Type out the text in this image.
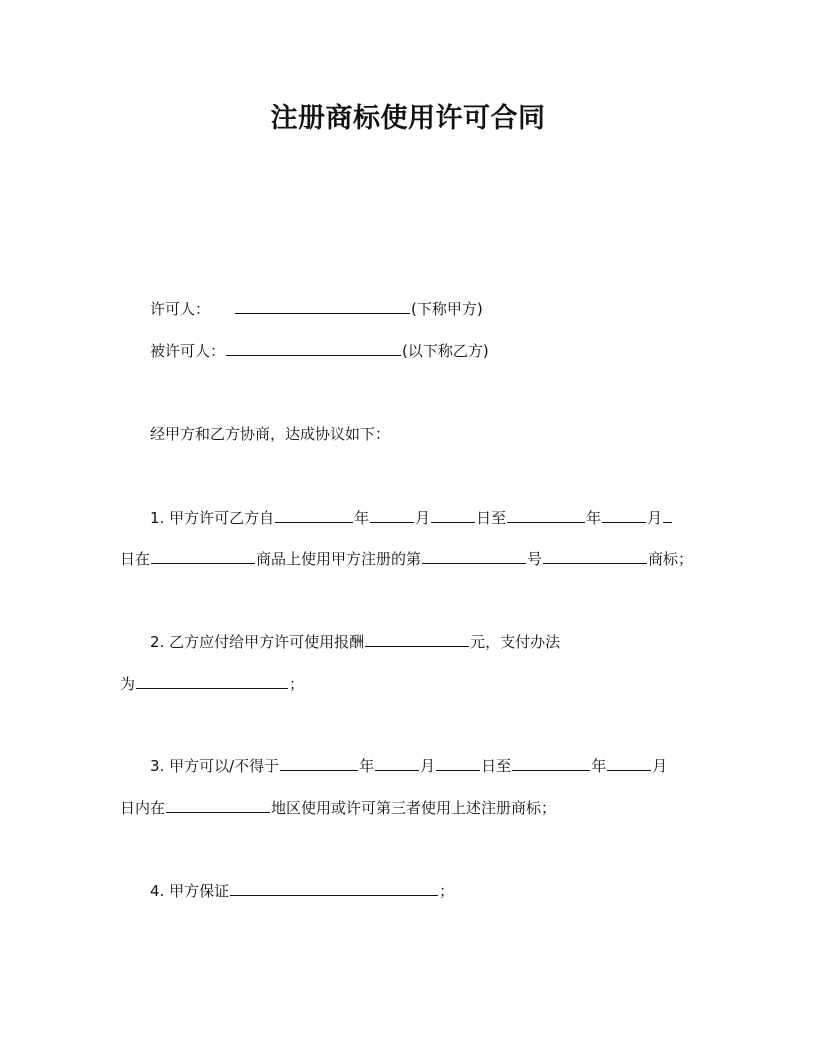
注册商标使用许可合同
许可人：	(下称甲方)
被许可人：	(以下称乙方)
经甲方和乙方协商，达成协议如下：
1. 甲方许可乙方自	年	月	日至	年	月
日在	商品上使用甲方注册的第	号	商标；
2. 乙方应付给甲方许可使用报酬	元，支付办法
为	；
3. 甲方可以/不得于	年	月	日至	年	月
日内在	地区使用或许可第三者使用上述注册商标；
4. 甲方保证	；
